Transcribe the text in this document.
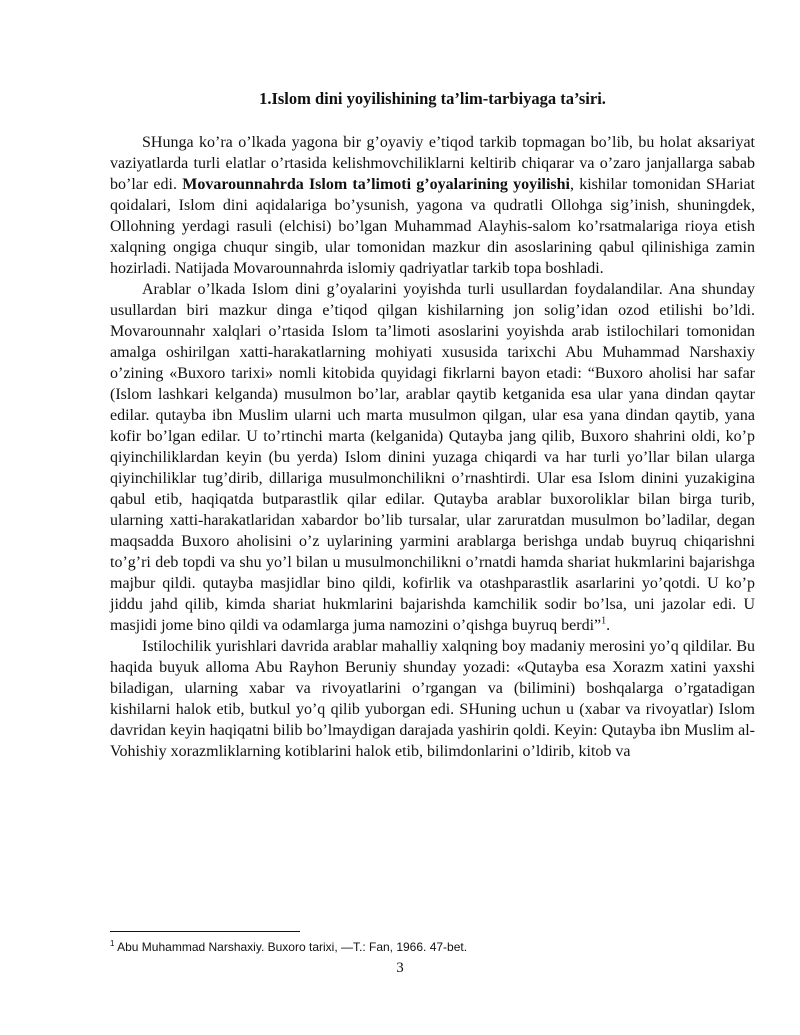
1.Islom dini yoyilishining ta’lim-tarbiyaga ta’siri.

SHunga ko’ra o’lkada yagona bir g’oyaviy e’tiqod tarkib topmagan bo’lib, bu holat aksariyat vaziyatlarda turli elatlar o’rtasida kelishmovchiliklarni keltirib chiqarar va o’zaro janjallarga sabab bo’lar edi. Movarounnahrda Islom ta’limoti g’oyalarining yoyilishi, kishilar tomonidan SHariat qoidalari, Islom dini aqidalariga bo’ysunish, yagona va qudratli Ollohga sig’inish, shuningdek, Ollohning yerdagi rasuli (elchisi) bo’lgan Muhammad Alayhis-salom ko’rsatmalariga rioya etish xalqning ongiga chuqur singib, ular tomonidan mazkur din asoslarining qabul qilinishiga zamin hozirladi. Natijada Movarounnahrda islomiy qadriyatlar tarkib topa boshladi.

Arablar o’lkada Islom dini g’oyalarini yoyishda turli usullardan foydalandilar. Ana shunday usullardan biri mazkur dinga e’tiqod qilgan kishilarning jon solig’idan ozod etilishi bo’ldi. Movarounnahr xalqlari o’rtasida Islom ta’limoti asoslarini yoyishda arab istilochilari tomonidan amalga oshirilgan xatti-harakatlarning mohiyati xususida tarixchi Abu Muhammad Narshaxiy o’zining «Buxoro tarixi» nomli kitobida quyidagi fikrlarni bayon etadi: “Buxoro aholisi har safar (Islom lashkari kelganda) musulmon bo’lar, arablar qaytib ketganida esa ular yana dindan qaytar edilar. qutayba ibn Muslim ularni uch marta musulmon qilgan, ular esa yana dindan qaytib, yana kofir bo’lgan edilar. U to’rtinchi marta (kelganida) Qutayba jang qilib, Buxoro shahrini oldi, ko’p qiyinchiliklardan keyin (bu yerda) Islom dinini yuzaga chiqardi va har turli yo’llar bilan ularga qiyinchiliklar tug’dirib, dillariga musulmonchilikni o’rnashtirdi. Ular esa Islom dinini yuzakigina qabul etib, haqiqatda butparastlik qilar edilar. Qutayba arablar buxoroliklar bilan birga turib, ularning xatti-harakatlaridan xabardor bo’lib tursalar, ular zaruratdan musulmon bo’ladilar, degan maqsadda Buxoro aholisini o’z uylarining yarmini arablarga berishga undab buyruq chiqarishni to’g’ri deb topdi va shu yo’l bilan u musulmonchilikni o’rnatdi hamda shariat hukmlarini bajarishga majbur qildi. qutayba masjidlar bino qildi, kofirlik va otashparastlik asarlarini yo’qotdi. U ko’p jiddu jahd qilib, kimda shariat hukmlarini bajarishda kamchilik sodir bo’lsa, uni jazolar edi. U masjidi jome bino qildi va odamlarga juma namozini o’qishga buyruq berdi”$^1$.

Istilochilik yurishlari davrida arablar mahalliy xalqning boy madaniy merosini yo’q qildilar. Bu haqida buyuk alloma Abu Rayhon Beruniy shunday yozadi: «Qutayba esa Xorazm xatini yaxshi biladigan, ularning xabar va rivoyatlarini o’rgangan va (bilimini) boshqalarga o’rgatadigan kishilarni halok etib, butkul yo’q qilib yuborgan edi. SHuning uchun u (xabar va rivoyatlar) Islom davridan keyin haqiqatni bilib bo’lmaydigan darajada yashirin qoldi. Keyin: Qutayba ibn Muslim al-Vohishiy xorazmliklarning kotiblarini halok etib, bilimdonlarini o’ldirib, kitob va

$^1$ Abu Muhammad Narshaxiy. Buxoro tarixi, —T.: Fan, 1966. 47-bet.
3
